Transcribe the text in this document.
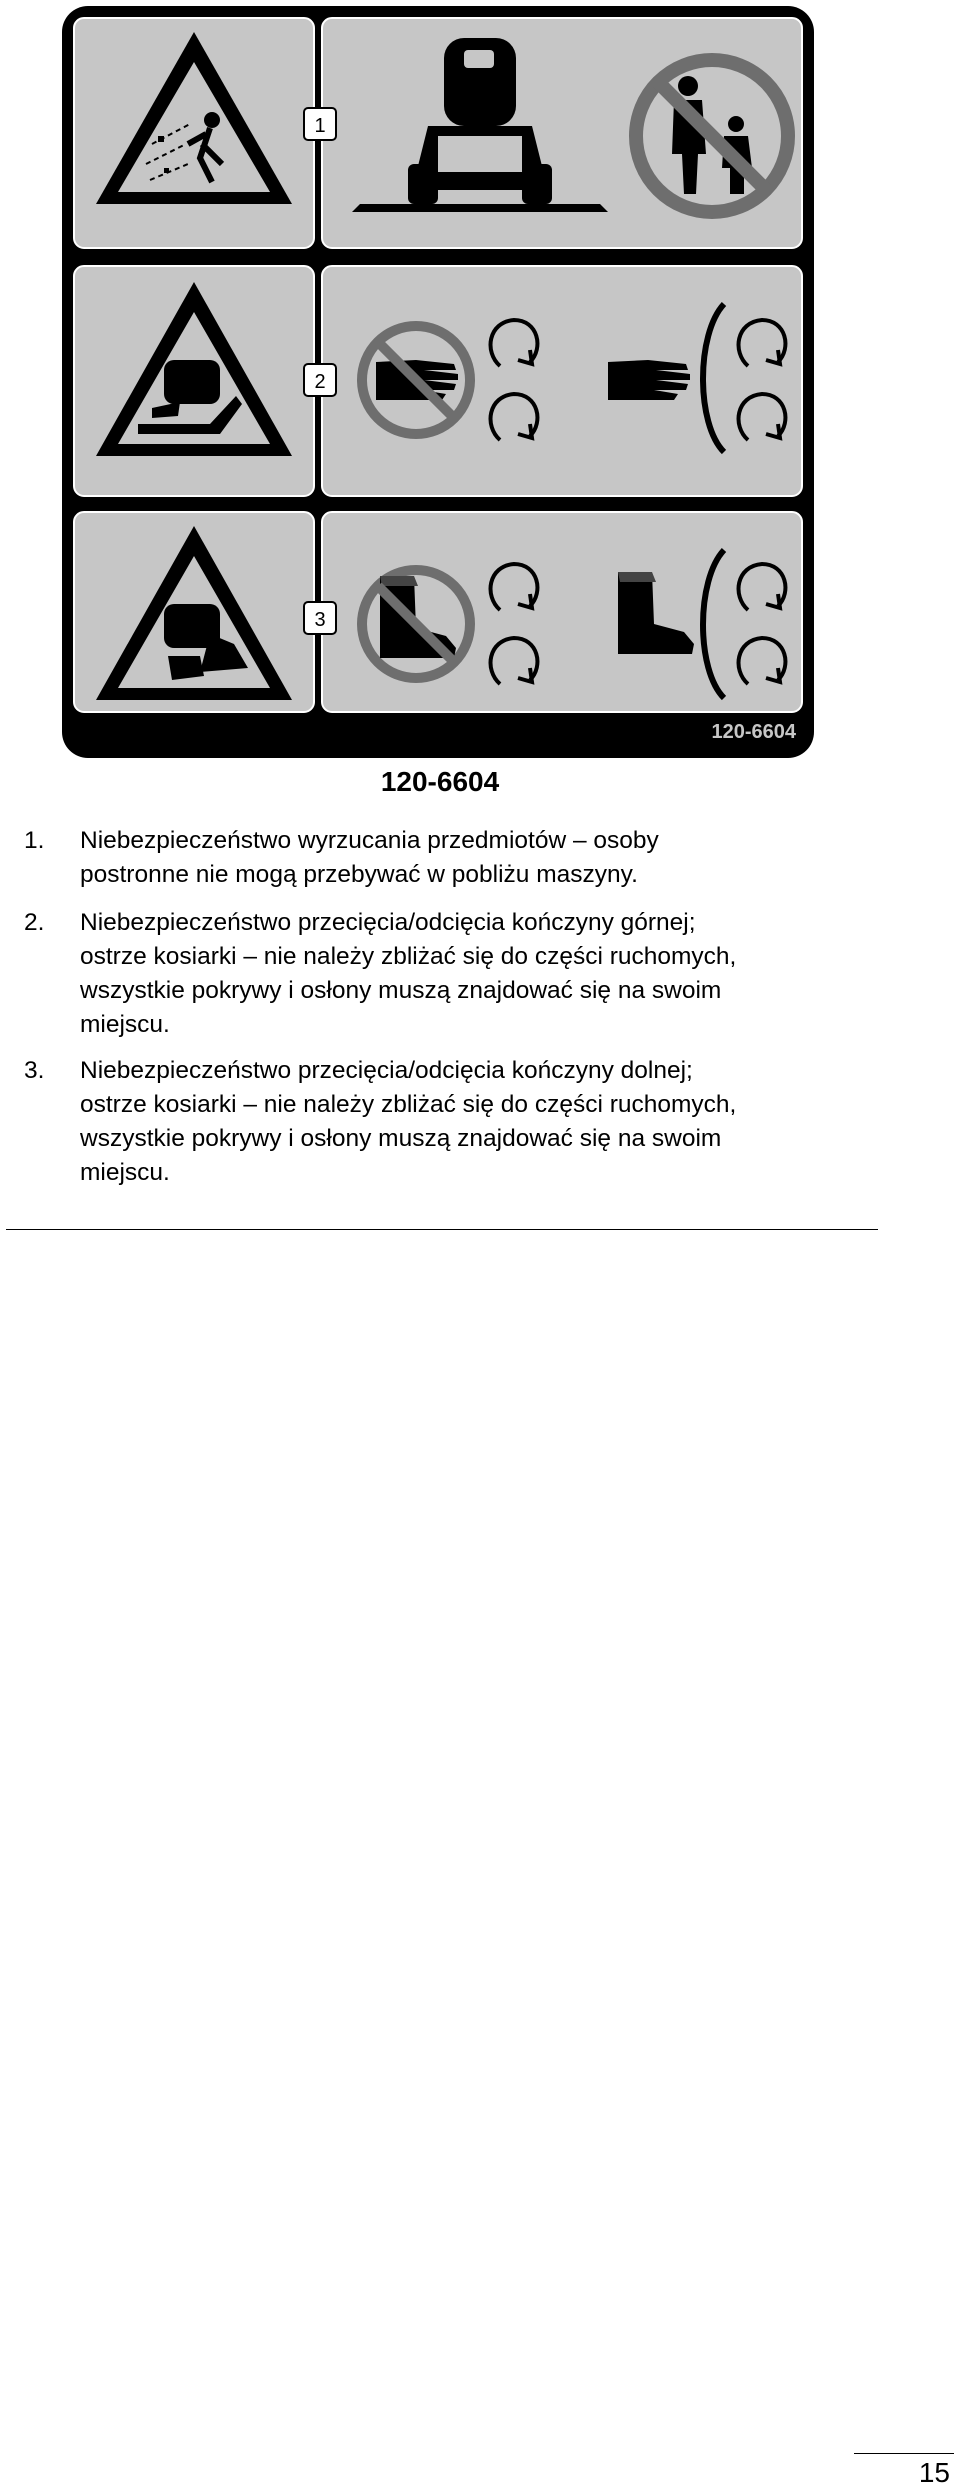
1
2
3
120-6604
120-6604
1. Niebezpieczeństwo wyrzucania przedmiotów – osoby
postronne nie mogą przebywać w pobliżu maszyny.
2. Niebezpieczeństwo przecięcia/odcięcia kończyny górnej;
ostrze kosiarki – nie należy zbliżać się do części ruchomych,
wszystkie pokrywy i osłony muszą znajdować się na swoim
miejscu.
3. Niebezpieczeństwo przecięcia/odcięcia kończyny dolnej;
ostrze kosiarki – nie należy zbliżać się do części ruchomych,
wszystkie pokrywy i osłony muszą znajdować się na swoim
miejscu.
15
